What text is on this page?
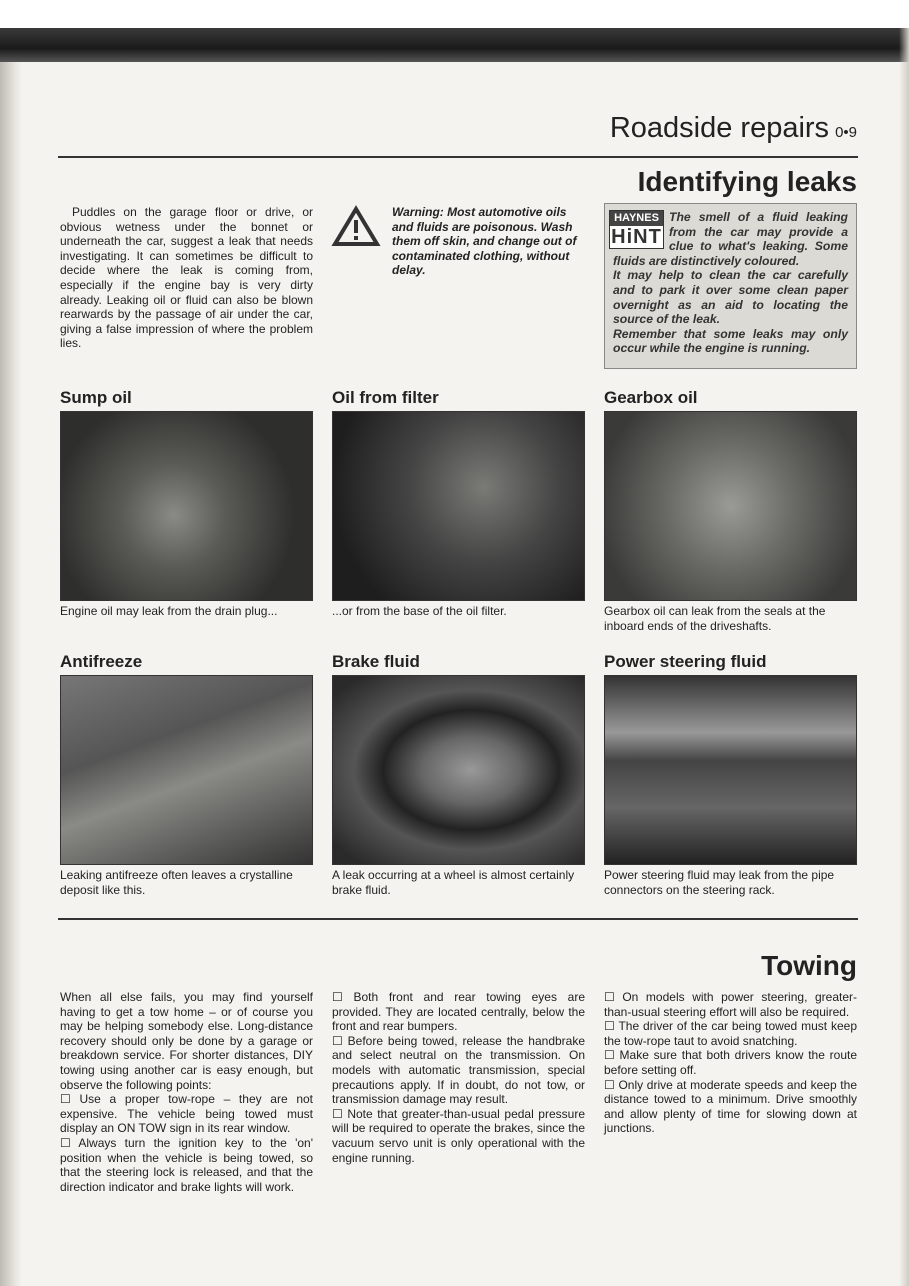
Roadside repairs 0•9
Identifying leaks
Puddles on the garage floor or drive, or obvious wetness under the bonnet or underneath the car, suggest a leak that needs investigating. It can sometimes be difficult to decide where the leak is coming from, especially if the engine bay is very dirty already. Leaking oil or fluid can also be blown rearwards by the passage of air under the car, giving a false impression of where the problem lies.
Warning: Most automotive oils and fluids are poisonous. Wash them off skin, and change out of contaminated clothing, without delay.
HAYNES
HiNT
The smell of a fluid leaking from the car may provide a clue to what's leaking. Some fluids are distinctively coloured.
It may help to clean the car carefully and to park it over some clean paper overnight as an aid to locating the source of the leak.
Remember that some leaks may only occur while the engine is running.
Sump oil	Oil from filter	Gearbox oil
Engine oil may leak from the drain plug...	...or from the base of the oil filter.	Gearbox oil can leak from the seals at the inboard ends of the driveshafts.
Antifreeze	Brake fluid	Power steering fluid
Leaking antifreeze often leaves a crystalline deposit like this.
A leak occurring at a wheel is almost certainly brake fluid.
Power steering fluid may leak from the pipe connectors on the steering rack.
Towing
When all else fails, you may find yourself having to get a tow home – or of course you may be helping somebody else. Long-distance recovery should only be done by a garage or breakdown service. For shorter distances, DIY towing using another car is easy enough, but observe the following points:
☐ Use a proper tow-rope – they are not expensive. The vehicle being towed must display an ON TOW sign in its rear window.
☐ Always turn the ignition key to the 'on' position when the vehicle is being towed, so that the steering lock is released, and that the direction indicator and brake lights will work.
☐ Both front and rear towing eyes are provided. They are located centrally, below the front and rear bumpers.
☐ Before being towed, release the handbrake and select neutral on the transmission. On models with automatic transmission, special precautions apply. If in doubt, do not tow, or transmission damage may result.
☐ Note that greater-than-usual pedal pressure will be required to operate the brakes, since the vacuum servo unit is only operational with the engine running.
☐ On models with power steering, greater-than-usual steering effort will also be required.
☐ The driver of the car being towed must keep the tow-rope taut to avoid snatching.
☐ Make sure that both drivers know the route before setting off.
☐ Only drive at moderate speeds and keep the distance towed to a minimum. Drive smoothly and allow plenty of time for slowing down at junctions.
